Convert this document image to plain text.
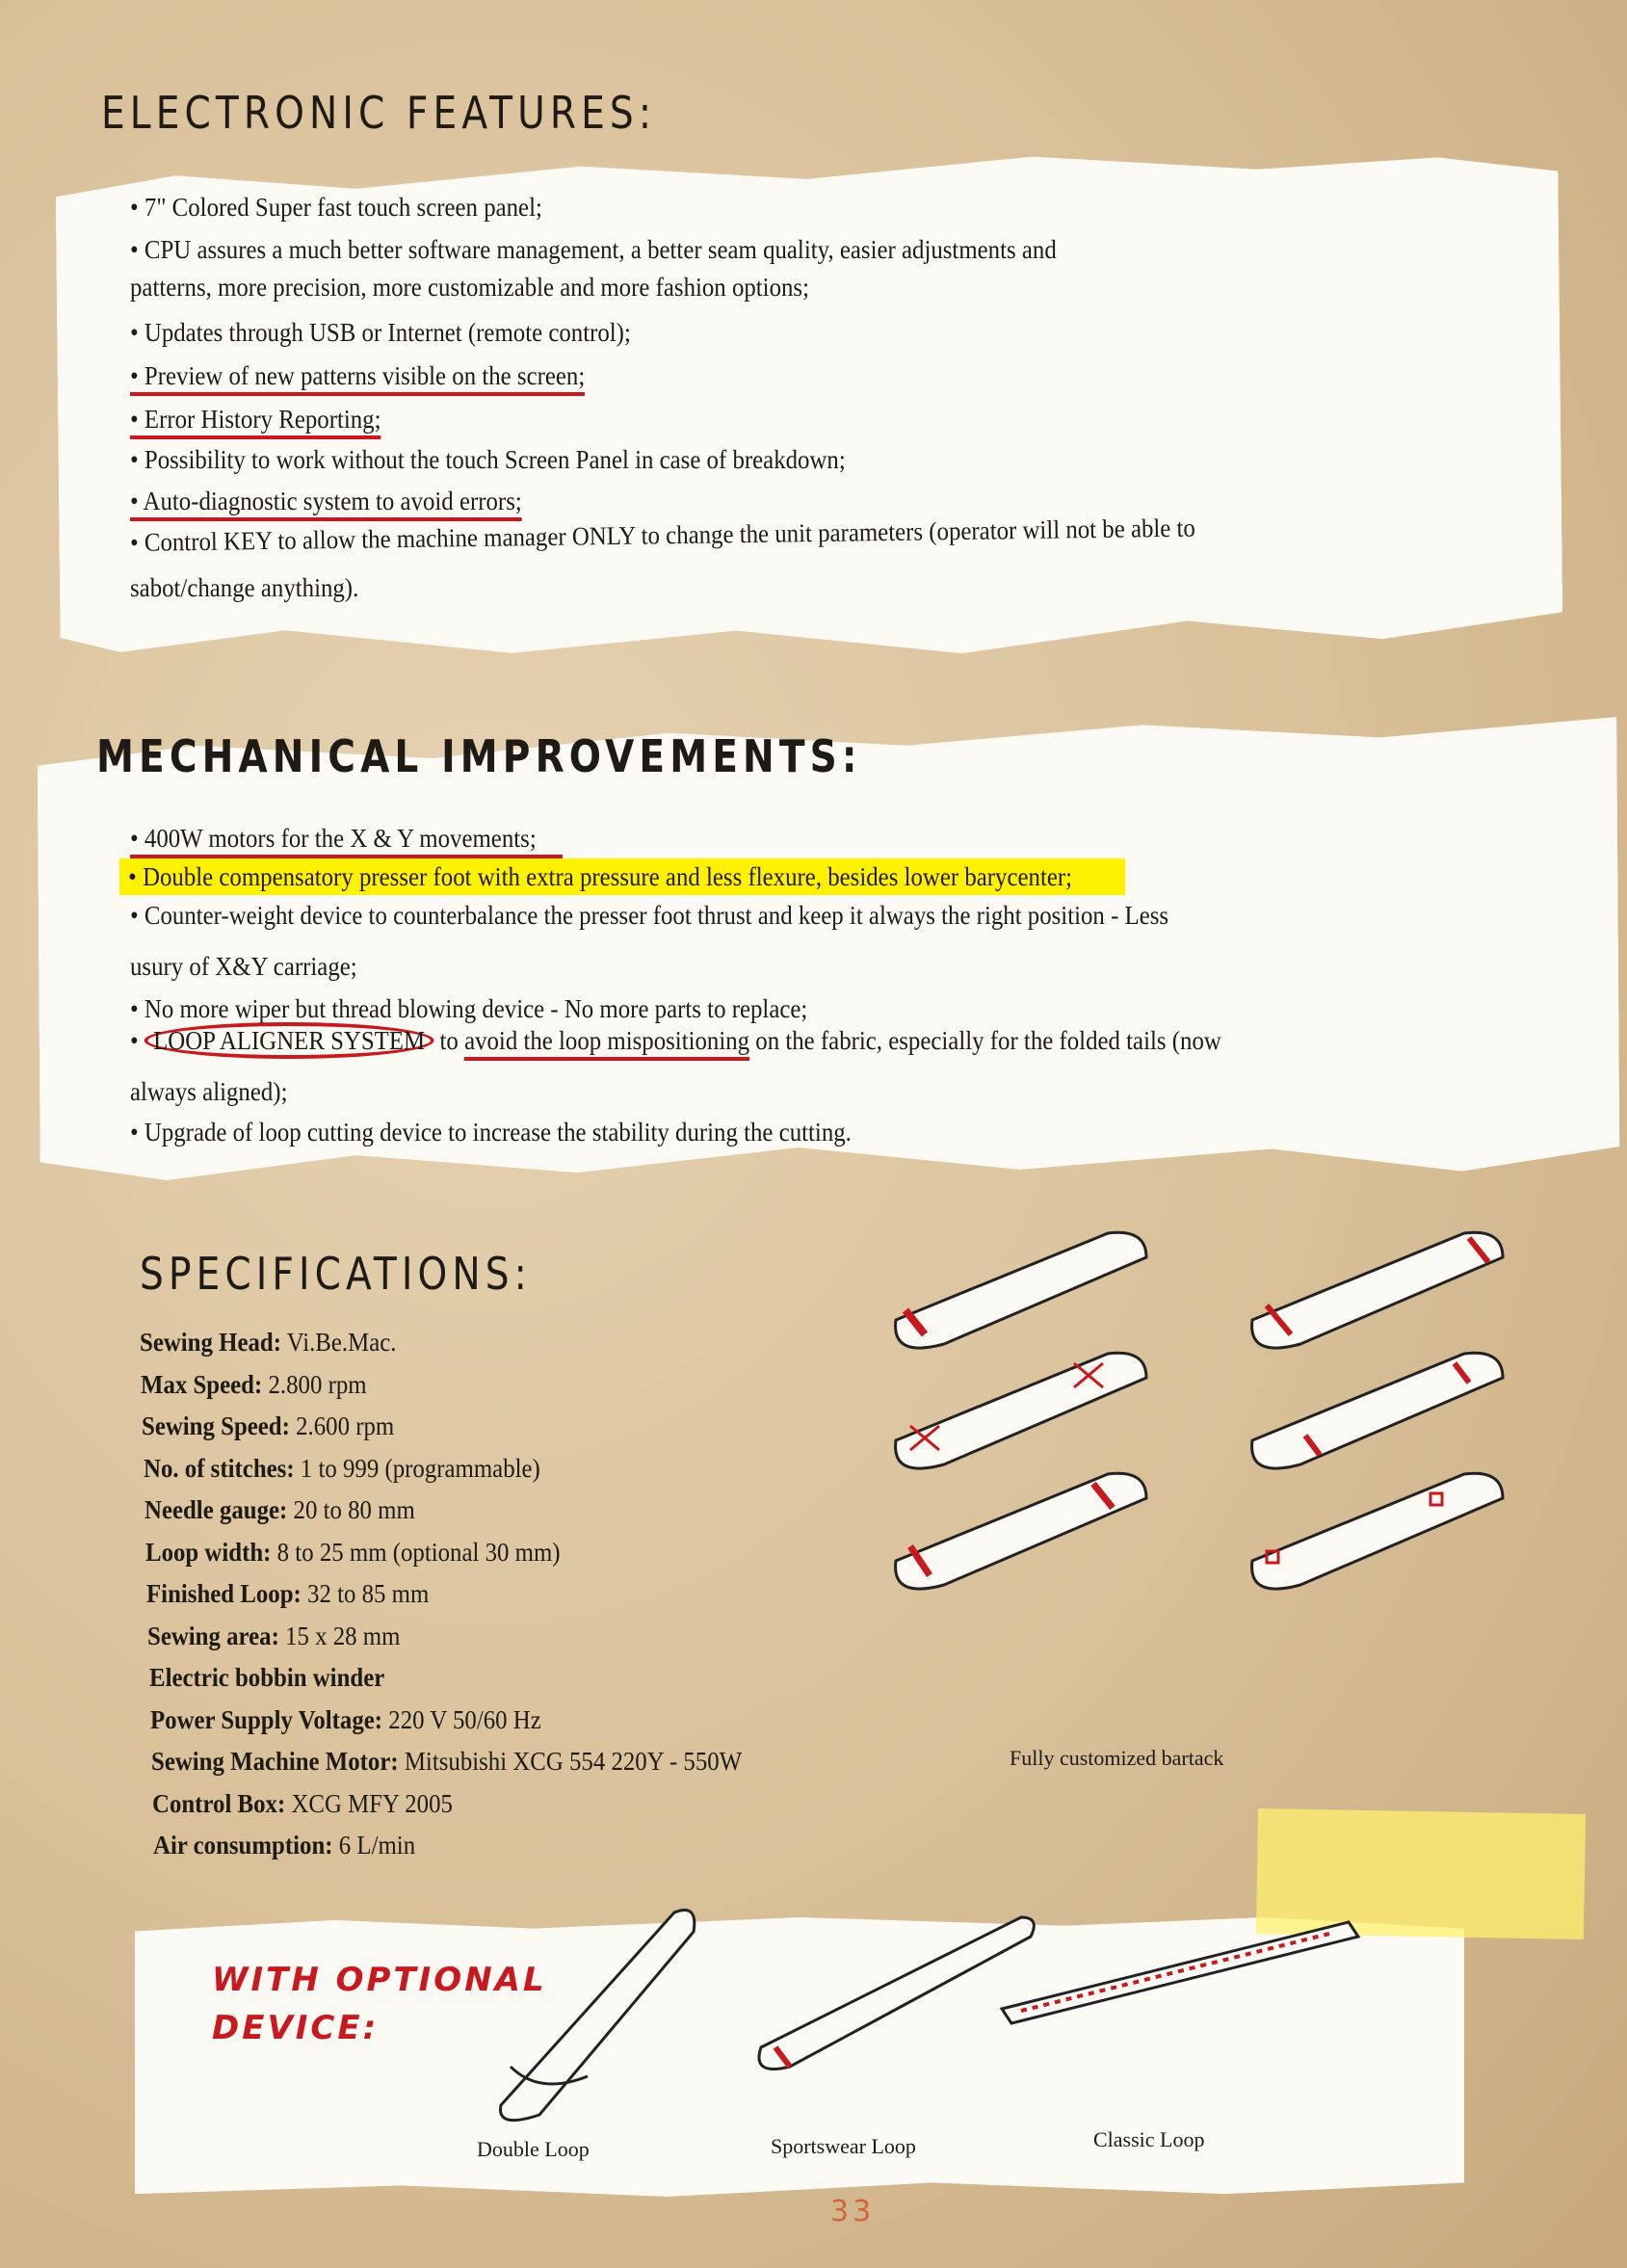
ELECTRONIC FEATURES:
• 7" Colored Super fast touch screen panel;
• CPU assures a much better software management, a better seam quality, easier adjustments and
patterns, more precision, more customizable and more fashion options;
• Updates through USB or Internet (remote control);
• Preview of new patterns visible on the screen;
• Error History Reporting;
• Possibility to work without the touch Screen Panel in case of breakdown;
• Auto-diagnostic system to avoid errors;
• Control KEY to allow the machine manager ONLY to change the unit parameters (operator will not be able to
sabot/change anything).
MECHANICAL IMPROVEMENTS:
• 400W motors for the X & Y movements;
• Double compensatory presser foot with extra pressure and less flexure, besides lower barycenter;
• Counter-weight device to counterbalance the presser foot thrust and keep it always the right position - Less
usury of X&Y carriage;
• No more wiper but thread blowing device - No more parts to replace;
• LOOP ALIGNER SYSTEM to avoid the loop mispositioning on the fabric, especially for the folded tails (now
always aligned);
• Upgrade of loop cutting device to increase the stability during the cutting.
SPECIFICATIONS:
Sewing Head: Vi.Be.Mac.
Max Speed: 2.800 rpm
Sewing Speed: 2.600 rpm
No. of stitches: 1 to 999 (programmable)
Needle gauge: 20 to 80 mm
Loop width: 8 to 25 mm (optional 30 mm)
Finished Loop: 32 to 85 mm
Sewing area: 15 x 28 mm
Electric bobbin winder
Power Supply Voltage: 220 V 50/60 Hz
Sewing Machine Motor: Mitsubishi XCG 554 220Y - 550W
Control Box: XCG MFY 2005
Air consumption: 6 L/min
Fully customized bartack
WITH OPTIONAL
DEVICE:
Double Loop	Sportswear Loop	Classic Loop
33
